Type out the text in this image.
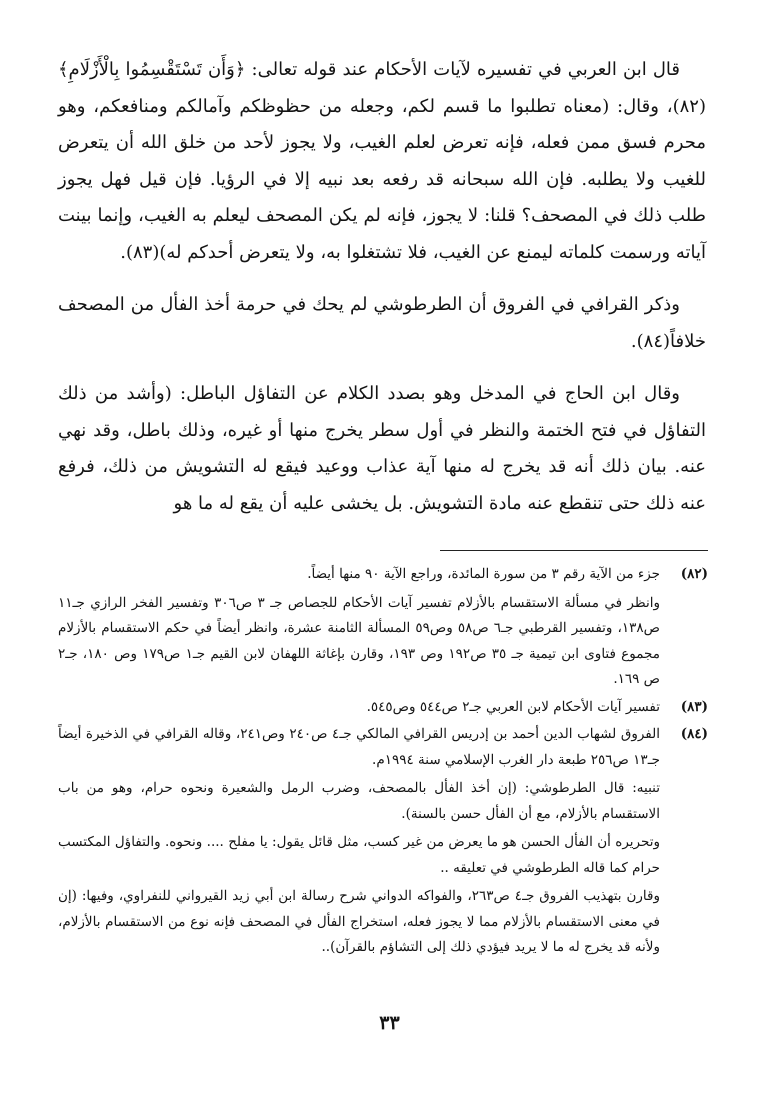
قال ابن العربي في تفسيره لآيات الأحكام عند قوله تعالى: ﴿وَأَن تَسْتَقْسِمُوا بِالْأَزْلَامِ﴾(٨٢)، وقال: (معناه تطلبوا ما قسم لكم، وجعله من حظوظكم وآمالكم ومنافعكم، وهو محرم فسق ممن فعله، فإنه تعرض لعلم الغيب، ولا يجوز لأحد من خلق الله أن يتعرض للغيب ولا يطلبه. فإن الله سبحانه قد رفعه بعد نبيه إلا في الرؤيا. فإن قيل فهل يجوز طلب ذلك في المصحف؟ قلنا: لا يجوز، فإنه لم يكن المصحف ليعلم به الغيب، وإنما بينت آياته ورسمت كلماته ليمنع عن الغيب، فلا تشتغلوا به، ولا يتعرض أحدكم له)(٨٣).

وذكر القرافي في الفروق أن الطرطوشي لم يحك في حرمة أخذ الفأل من المصحف خلافاً(٨٤).

وقال ابن الحاج في المدخل وهو بصدد الكلام عن التفاؤل الباطل: (وأشد من ذلك التفاؤل في فتح الختمة والنظر في أول سطر يخرج منها أو غيره، وذلك باطل، وقد نهي عنه. بيان ذلك أنه قد يخرج له منها آية عذاب ووعيد فيقع له التشويش من ذلك، فرفع عنه ذلك حتى تنقطع عنه مادة التشويش. بل يخشى عليه أن يقع له ما هو

(٨٢)

جزء من الآية رقم ٣ من سورة المائدة، وراجع الآية ٩٠ منها أيضاً.

وانظر في مسألة الاستقسام بالأزلام تفسير آيات الأحكام للجصاص جـ ٣ ص٣٠٦ وتفسير الفخر الرازي جـ١١ ص١٣٨، وتفسير القرطبي جـ٦ ص٥٨ وص٥٩ المسألة الثامنة عشرة، وانظر أيضاً في حكم الاستقسام بالأزلام مجموع فتاوى ابن تيمية جـ ٣٥ ص١٩٢ وص ١٩٣، وقارن بإغاثة اللهفان لابن القيم جـ١ ص١٧٩ وص ١٨٠، جـ٢ ص ١٦٩.

(٨٣)

تفسير آيات الأحكام لابن العربي جـ٢ ص٥٤٤ وص٥٤٥.

(٨٤)

الفروق لشهاب الدين أحمد بن إدريس القرافي المالكي جـ٤ ص٢٤٠ وص٢٤١، وقاله القرافي في الذخيرة أيضاً جـ١٣ ص٢٥٦ طبعة دار الغرب الإسلامي سنة ١٩٩٤م.

تنبيه: قال الطرطوشي: (إن أخذ الفأل بالمصحف، وضرب الرمل والشعيرة ونحوه حرام، وهو من باب الاستقسام بالأزلام، مع أن الفأل حسن بالسنة).

وتحريره أن الفأل الحسن هو ما يعرض من غير كسب، مثل قائل يقول: يا مفلح .... ونحوه. والتفاؤل المكتسب حرام كما قاله الطرطوشي في تعليقه ..

وقارن بتهذيب الفروق جـ٤ ص٢٦٣، والفواكه الدواني شرح رسالة ابن أبي زيد القيرواني للنفراوي، وفيها: (إن في معنى الاستقسام بالأزلام مما لا يجوز فعله، استخراج الفأل في المصحف فإنه نوع من الاستقسام بالأزلام، ولأنه قد يخرج له ما لا يريد فيؤدي ذلك إلى التشاؤم بالقرآن)..

٣٣
